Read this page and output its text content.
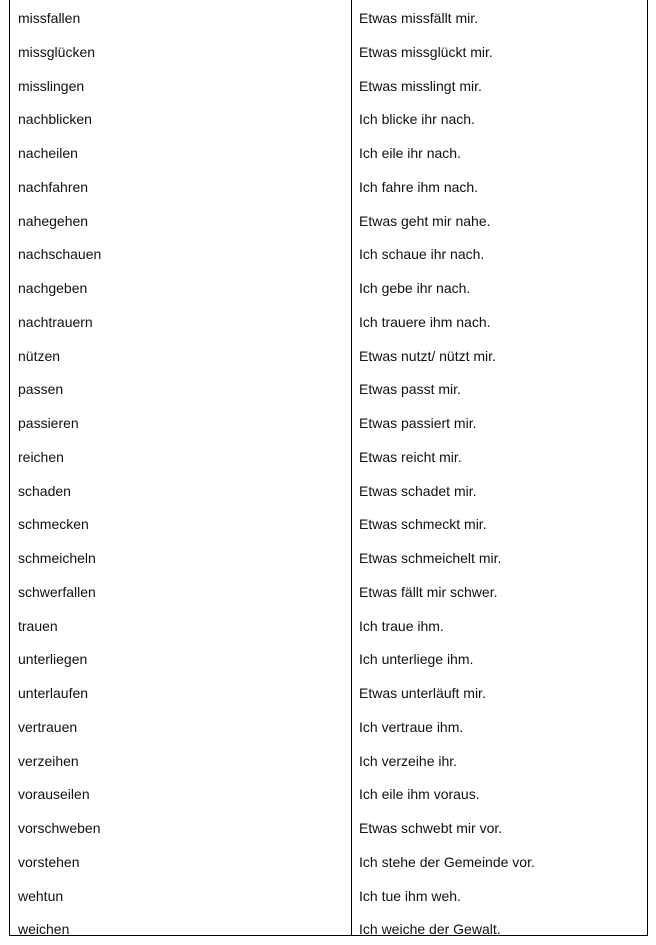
missfallen	Etwas missfällt mir.
missglücken	Etwas missglückt mir.
misslingen	Etwas misslingt mir.
nachblicken	Ich blicke ihr nach.
nacheilen	Ich eile ihr nach.
nachfahren	Ich fahre ihm nach.
nahegehen	Etwas geht mir nahe.
nachschauen	Ich schaue ihr nach.
nachgeben	Ich gebe ihr nach.
nachtrauern	Ich trauere ihm nach.
nützen	Etwas nutzt/ nützt mir.
passen	Etwas passt mir.
passieren	Etwas passiert mir.
reichen	Etwas reicht mir.
schaden	Etwas schadet mir.
schmecken	Etwas schmeckt mir.
schmeicheln	Etwas schmeichelt mir.
schwerfallen	Etwas fällt mir schwer.
trauen	Ich traue ihm.
unterliegen	Ich unterliege ihm.
unterlaufen	Etwas unterläuft mir.
vertrauen	Ich vertraue ihm.
verzeihen	Ich verzeihe ihr.
vorauseilen	Ich eile ihm voraus.
vorschweben	Etwas schwebt mir vor.
vorstehen	Ich stehe der Gemeinde vor.
wehtun	Ich tue ihm weh.
weichen	Ich weiche der Gewalt.
